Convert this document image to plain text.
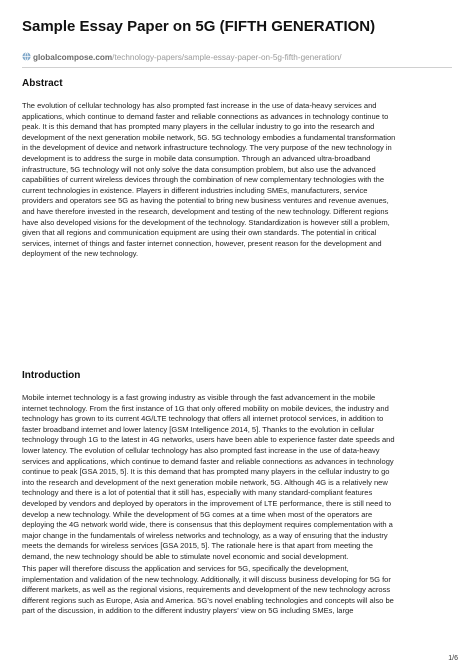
Sample Essay Paper on 5G (FIFTH GENERATION)
globalcompose.com/technology-papers/sample-essay-paper-on-5g-fifth-generation/
Abstract
The evolution of cellular technology has also prompted fast increase in the use of data-heavy services and
applications, which continue to demand faster and reliable connections as advances in technology continue to
peak. It is this demand that has prompted many players in the cellular industry to go into the research and
development of the next generation mobile network, 5G. 5G technology embodies a fundamental transformation
in the development of device and network infrastructure technology. The very purpose of the new technology in
development is to address the surge in mobile data consumption. Through an advanced ultra-broadband
infrastructure, 5G technology will not only solve the data consumption problem, but also use the advanced
capabilities of current wireless devices through the combination of new complementary technologies with the
current technologies in existence. Players in different industries including SMEs, manufacturers, service
providers and operators see 5G as having the potential to bring new business ventures and revenue avenues,
and have therefore invested in the research, development and testing of the new technology. Different regions
have also developed visions for the development of the technology. Standardization is however still a problem,
given that all regions and communication equipment are using their own standards. The potential in critical
services, internet of things and faster internet connection, however, present reason for the development and
deployment of the new technology.
Introduction
Mobile internet technology is a fast growing industry as visible through the fast advancement in the mobile
internet technology. From the first instance of 1G that only offered mobility on mobile devices, the industry and
technology has grown to its current 4G/LTE technology that offers all internet protocol services, in addition to
faster broadband internet and lower latency [GSM Intelligence 2014, 5]. Thanks to the evolution in cellular
technology through 1G to the latest in 4G networks, users have been able to experience faster date speeds and
lower latency. The evolution of cellular technology has also prompted fast increase in the use of data-heavy
services and applications, which continue to demand faster and reliable connections as advances in technology
continue to peak [GSA 2015, 5]. It is this demand that has prompted many players in the cellular industry to go
into the research and development of the next generation mobile network, 5G. Although 4G is a relatively new
technology and there is a lot of potential that it still has, especially with many standard-compliant features
developed by vendors and deployed by operators in the improvement of LTE performance, there is still need to
develop a new technology. While the development of 5G comes at a time when most of the operators are
deploying the 4G network world wide, there is consensus that this deployment requires complementation with a
major change in the fundamentals of wireless networks and technology, as a way of ensuring that the industry
meets the demands for wireless services [GSA 2015, 5]. The rationale here is that apart from meeting the
demand, the new technology should be able to stimulate novel economic and social development.
This paper will therefore discuss the application and services for 5G, specifically the development,
implementation and validation of the new technology. Additionally, it will discuss business developing for 5G for
different markets, as well as the regional visions, requirements and development of the new technology across
different regions such as Europe, Asia and America. 5G’s novel enabling technologies and concepts will also be
part of the discussion, in addition to the different industry players’ view on 5G including SMEs, large
1/6
